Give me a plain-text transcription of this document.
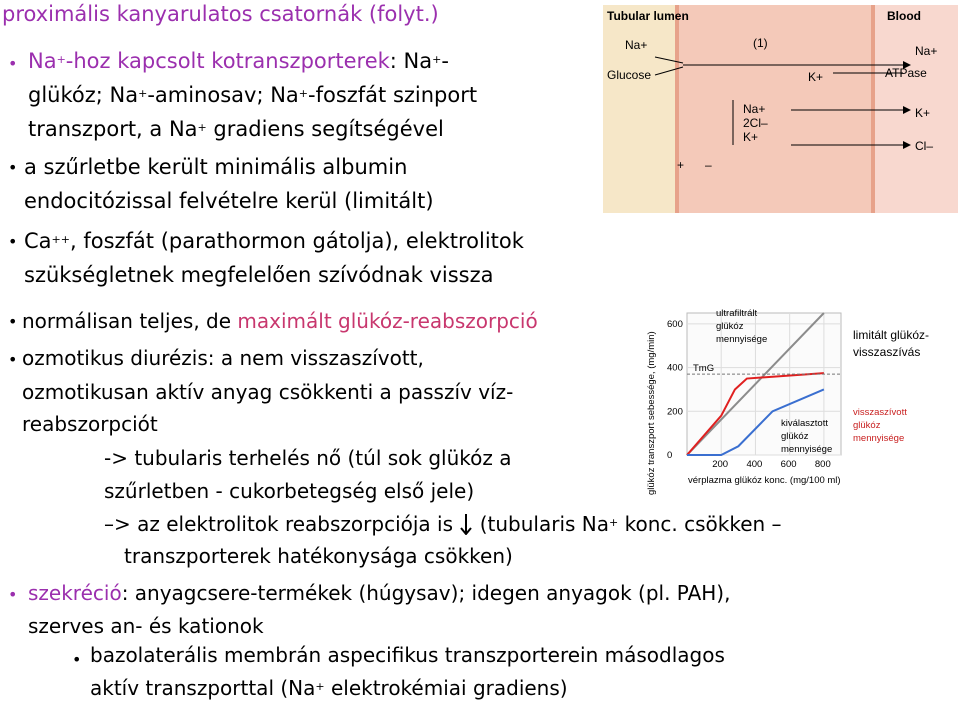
proximális kanyarulatos csatornák (folyt.)
• Na+-hoz kapcsolt kotranszporterek: Na+-
glükóz; Na+-aminosav; Na+-foszfát szinport
transzport, a Na+ gradiens segítségével
• a szűrletbe került minimális albumin
endocitózissal felvételre kerül (limitált)
• Ca++, foszfát (parathormon gátolja), elektrolitok
szükségletnek megfelelően szívódnak vissza
• normálisan teljes, de maximált glükóz-reabszorpció
• ozmotikus diurézis: a nem visszaszívott,
ozmotikusan aktív anyag csökkenti a passzív víz-
reabszorpciót
-> tubularis terhelés nő (túl sok glükóz a
szűrletben - cukorbetegség első jele)
–> az elektrolitok reabszorpciója is  (tubularis Na+ konc. csökken –
transzporterek hatékonysága csökken)
• szekréció: anyagcsere-termékek (húgysav); idegen anyagok (pl. PAH),
szerves an- és kationok
• bazolaterális membrán aspecifikus transzporterein másodlagos
aktív transzporttal (Na+ elektrokémiai gradiens)
Tubular lumen	Blood
(1)
Na+
Glucose
Na+
ATPase
K+
Na+
2Cl–
K+
K+
Cl–
+ –
200 400 600 800
0
200
400
600
TmG
glükóz transzport sebessége, (mg/min)	vérplazma glükóz konc. (mg/100 ml)
ultrafiltrált
glükóz
mennyisége
kiválasztott
glükóz
mennyisége
limitált glükóz-
visszaszívás
visszaszívott
glükóz
mennyisége
